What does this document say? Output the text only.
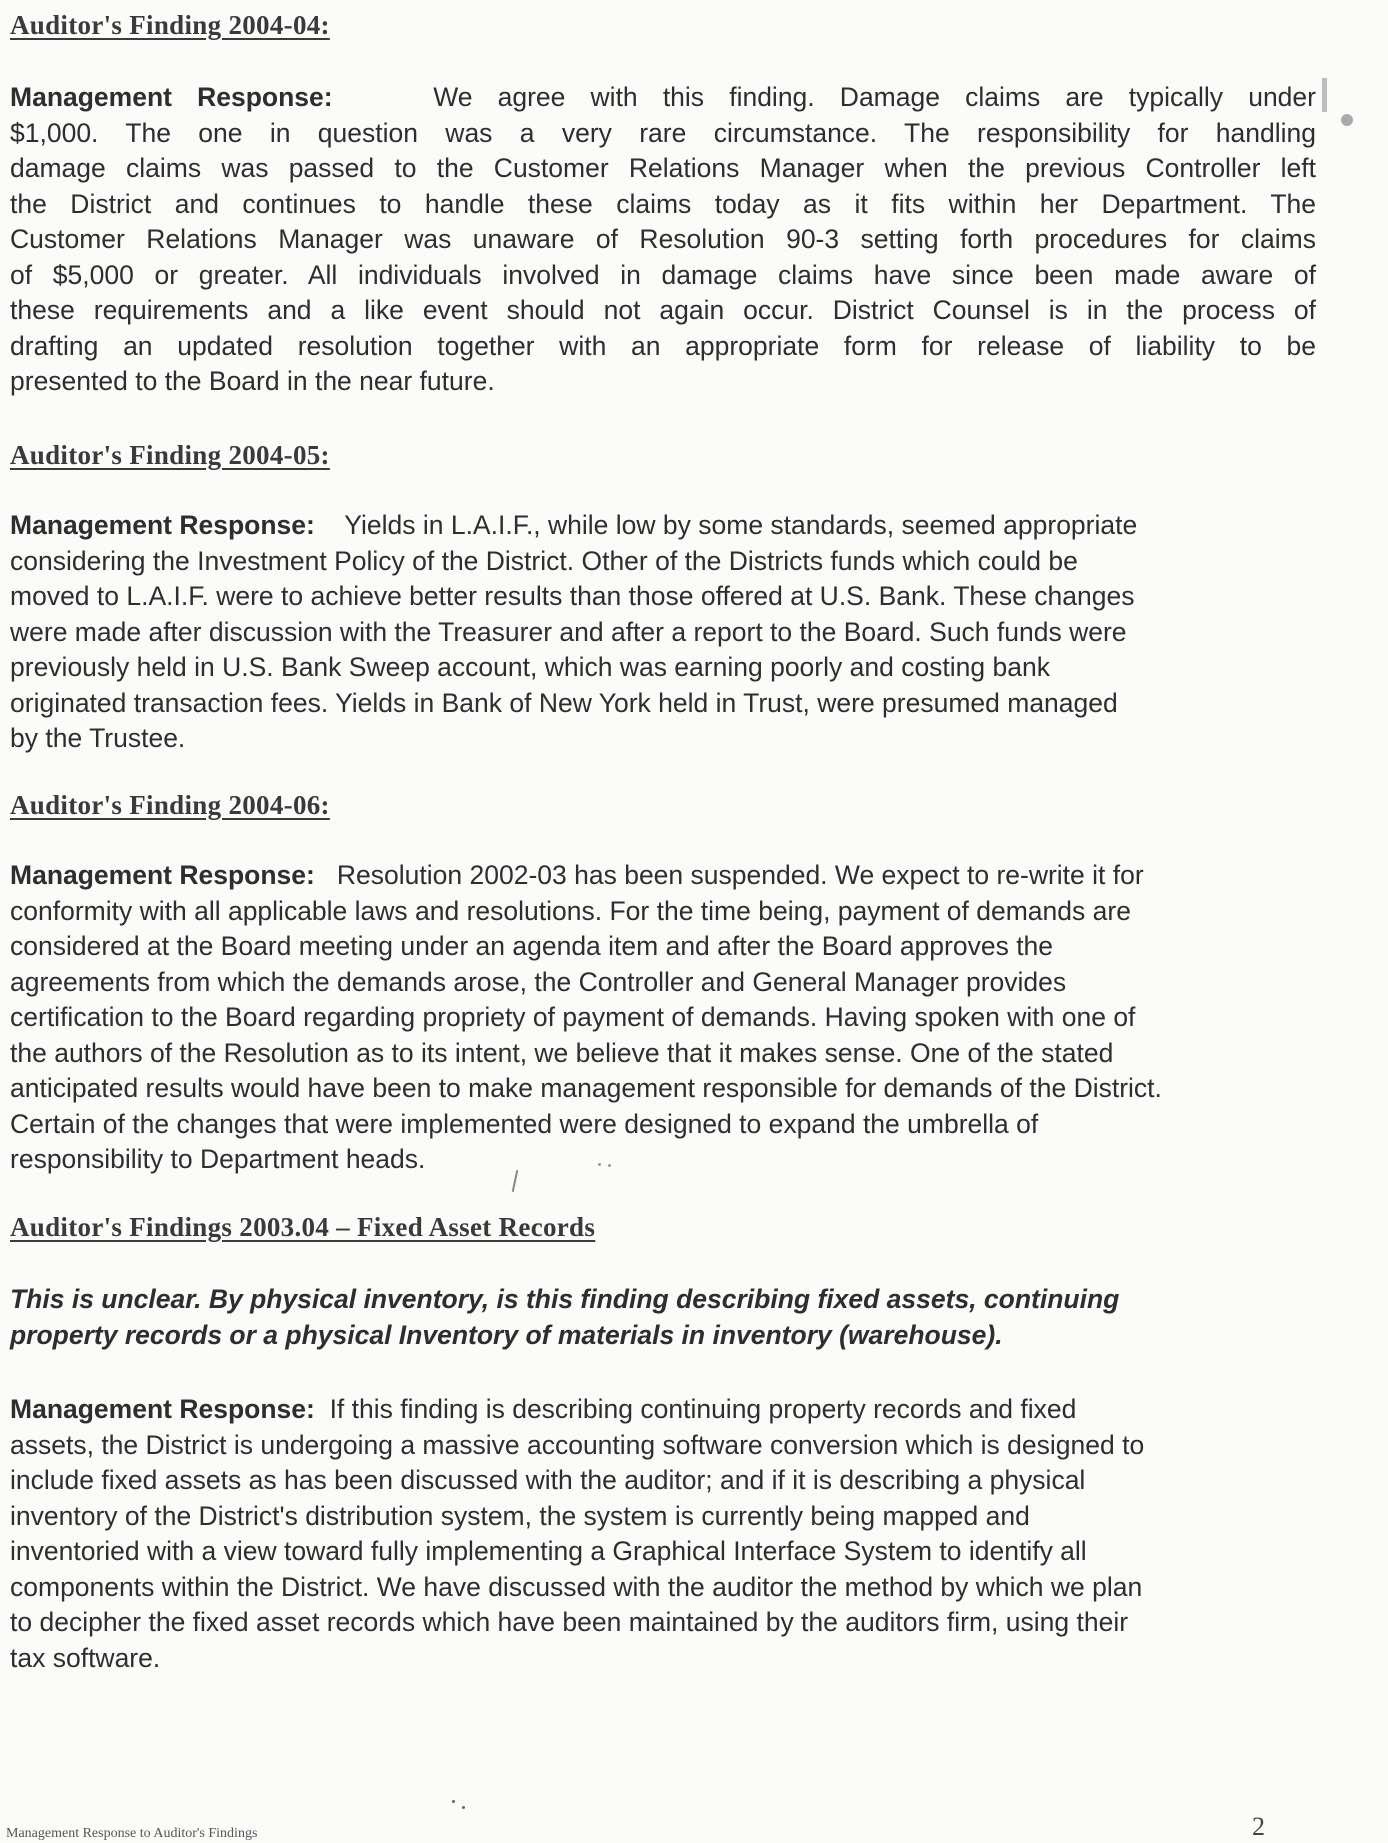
Auditor's Finding 2004-04:
Management Response:	We agree with this finding. Damage claims are typically under
$1,000. The one in question was a very rare circumstance. The responsibility for handling
damage claims was passed to the Customer Relations Manager when the previous Controller left
the District and continues to handle these claims today as it fits within her Department. The
Customer Relations Manager was unaware of Resolution 90-3 setting forth procedures for claims
of $5,000 or greater. All individuals involved in damage claims have since been made aware of
these requirements and a like event should not again occur. District Counsel is in the process of
drafting an updated resolution together with an appropriate form for release of liability to be
presented to the Board in the near future.
Auditor's Finding 2004-05:
Management Response: Yields in L.A.I.F., while low by some standards, seemed appropriate
considering the Investment Policy of the District. Other of the Districts funds which could be
moved to L.A.I.F. were to achieve better results than those offered at U.S. Bank. These changes
were made after discussion with the Treasurer and after a report to the Board. Such funds were
previously held in U.S. Bank Sweep account, which was earning poorly and costing bank
originated transaction fees. Yields in Bank of New York held in Trust, were presumed managed
by the Trustee.
Auditor's Finding 2004-06:
Management Response: Resolution 2002-03 has been suspended. We expect to re-write it for
conformity with all applicable laws and resolutions. For the time being, payment of demands are
considered at the Board meeting under an agenda item and after the Board approves the
agreements from which the demands arose, the Controller and General Manager provides
certification to the Board regarding propriety of payment of demands. Having spoken with one of
the authors of the Resolution as to its intent, we believe that it makes sense. One of the stated
anticipated results would have been to make management responsible for demands of the District.
Certain of the changes that were implemented were designed to expand the umbrella of
responsibility to Department heads.
Auditor's Findings 2003.04 – Fixed Asset Records
This is unclear. By physical inventory, is this finding describing fixed assets, continuing
property records or a physical Inventory of materials in inventory (warehouse).
Management Response: If this finding is describing continuing property records and fixed
assets, the District is undergoing a massive accounting software conversion which is designed to
include fixed assets as has been discussed with the auditor; and if it is describing a physical
inventory of the District's distribution system, the system is currently being mapped and
inventoried with a view toward fully implementing a Graphical Interface System to identify all
components within the District. We have discussed with the auditor the method by which we plan
to decipher the fixed asset records which have been maintained by the auditors firm, using their
tax software.
Management Response to Auditor's Findings	2
